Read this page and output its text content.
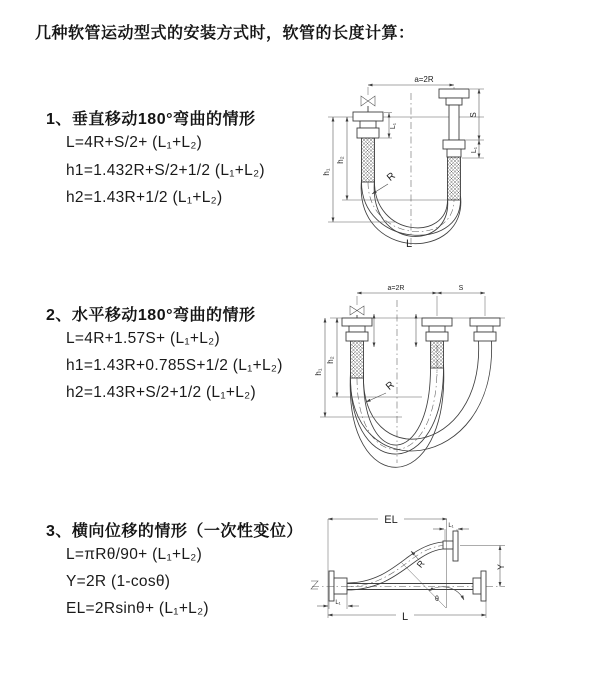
几种软管运动型式的安装方式时，软管的长度计算：
1、垂直移动180°弯曲的情形
L=4R+S/2+ (L₁+L₂)
h1=1.432R+S/2+1/2 (L₁+L₂)
h2=1.43R+1/2 (L₁+L₂)
2、水平移动180°弯曲的情形
L=4R+1.57S+ (L₁+L₂)
h1=1.43R+0.785S+1/2 (L₁+L₂)
h2=1.43R+S/2+1/2 (L₁+L₂)
3、横向位移的情形（一次性变位）
L=πRθ/90+ (L₁+L₂)
Y=2R (1-cosθ)
EL=2Rsinθ+ (L₁+L₂)
a=2R
h₁
h₂
L₁
S
L₁
R
L
a=2R	S
h₁
h₂
R
EL	L₁
L₁
Y
θ
R
L
